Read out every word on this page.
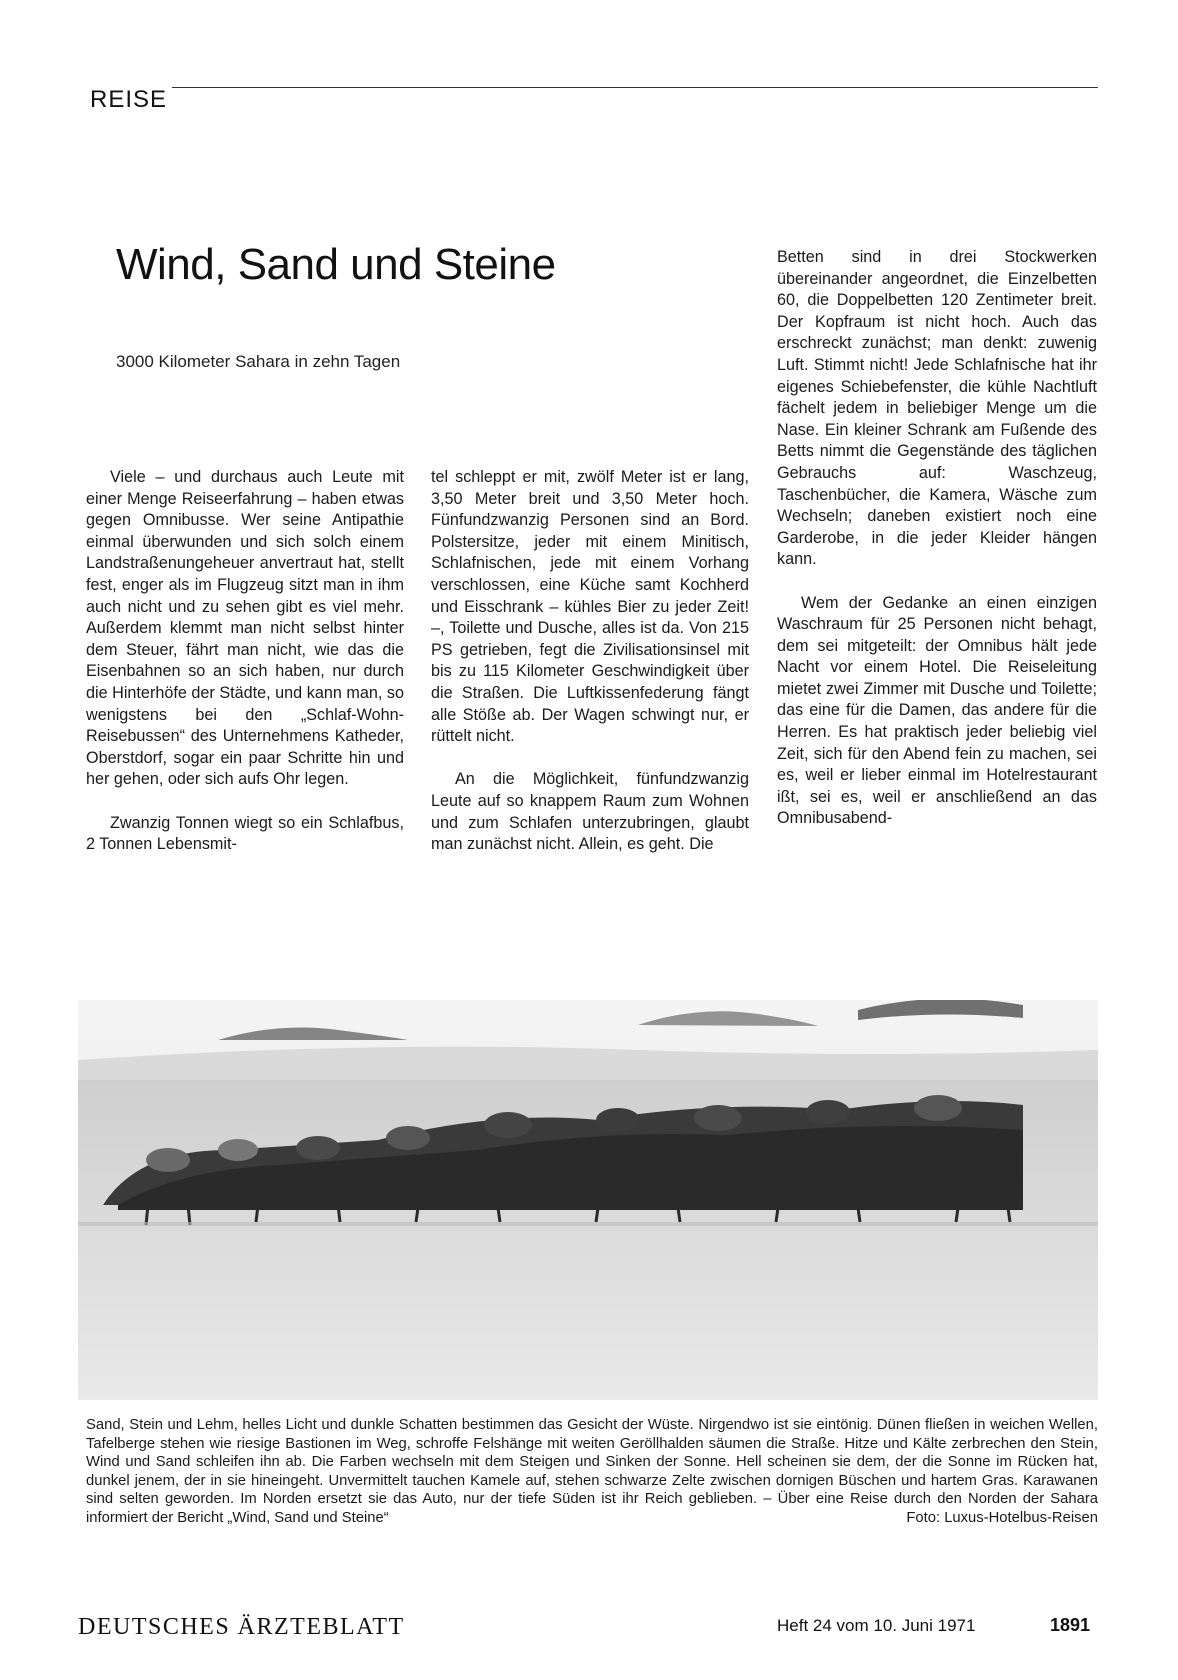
REISE
Wind, Sand und Steine

3000 Kilometer Sahara in zehn Tagen

Viele – und durchaus auch Leute mit einer Menge Reiseerfahrung – haben etwas gegen Omnibusse. Wer seine Antipathie einmal überwunden und sich solch einem Landstraßenungeheuer anvertraut hat, stellt fest, enger als im Flugzeug sitzt man in ihm auch nicht und zu sehen gibt es viel mehr. Außerdem klemmt man nicht selbst hinter dem Steuer, fährt man nicht, wie das die Eisenbahnen so an sich haben, nur durch die Hinterhöfe der Städte, und kann man, so wenigstens bei den „Schlaf-Wohn-Reisebussen“ des Unternehmens Katheder, Oberstdorf, sogar ein paar Schritte hin und her gehen, oder sich aufs Ohr legen.

Zwanzig Tonnen wiegt so ein Schlafbus, 2 Tonnen Lebensmit-

tel schleppt er mit, zwölf Meter ist er lang, 3,50 Meter breit und 3,50 Meter hoch. Fünfundzwanzig Personen sind an Bord. Polstersitze, jeder mit einem Minitisch, Schlafnischen, jede mit einem Vorhang verschlossen, eine Küche samt Kochherd und Eisschrank – kühles Bier zu jeder Zeit! –, Toilette und Dusche, alles ist da. Von 215 PS getrieben, fegt die Zivilisationsinsel mit bis zu 115 Kilometer Geschwindigkeit über die Straßen. Die Luftkissenfederung fängt alle Stöße ab. Der Wagen schwingt nur, er rüttelt nicht.

An die Möglichkeit, fünfundzwanzig Leute auf so knappem Raum zum Wohnen und zum Schlafen unterzubringen, glaubt man zunächst nicht. Allein, es geht. Die

Betten sind in drei Stockwerken übereinander angeordnet, die Einzelbetten 60, die Doppelbetten 120 Zentimeter breit. Der Kopfraum ist nicht hoch. Auch das erschreckt zunächst; man denkt: zuwenig Luft. Stimmt nicht! Jede Schlafnische hat ihr eigenes Schiebefenster, die kühle Nachtluft fächelt jedem in beliebiger Menge um die Nase. Ein kleiner Schrank am Fußende des Betts nimmt die Gegenstände des täglichen Gebrauchs auf: Waschzeug, Taschenbücher, die Kamera, Wäsche zum Wechseln; daneben existiert noch eine Garderobe, in die jeder Kleider hängen kann.

Wem der Gedanke an einen einzigen Waschraum für 25 Personen nicht behagt, dem sei mitgeteilt: der Omnibus hält jede Nacht vor einem Hotel. Die Reiseleitung mietet zwei Zimmer mit Dusche und Toilette; das eine für die Damen, das andere für die Herren. Es hat praktisch jeder beliebig viel Zeit, sich für den Abend fein zu machen, sei es, weil er lieber einmal im Hotelrestaurant ißt, sei es, weil er anschließend an das Omnibusabend-

Sand, Stein und Lehm, helles Licht und dunkle Schatten bestimmen das Gesicht der Wüste. Nirgendwo ist sie eintönig. Dünen fließen in weichen Wellen, Tafelberge stehen wie riesige Bastionen im Weg, schroffe Felshänge mit weiten Geröllhalden säumen die Straße. Hitze und Kälte zerbrechen den Stein, Wind und Sand schleifen ihn ab. Die Farben wechseln mit dem Steigen und Sinken der Sonne. Hell scheinen sie dem, der die Sonne im Rücken hat, dunkel jenem, der in sie hineingeht. Unvermittelt tauchen Kamele auf, stehen schwarze Zelte zwischen dornigen Büschen und hartem Gras. Karawanen sind selten geworden. Im Norden ersetzt sie das Auto, nur der tiefe Süden ist ihr Reich geblieben. – Über eine Reise durch den Norden der Sahara informiert der Bericht „Wind, Sand und Steine“	Foto: Luxus-Hotelbus-Reisen
DEUTSCHES ÄRZTEBLATT	Heft 24 vom 10. Juni 1971	1891
